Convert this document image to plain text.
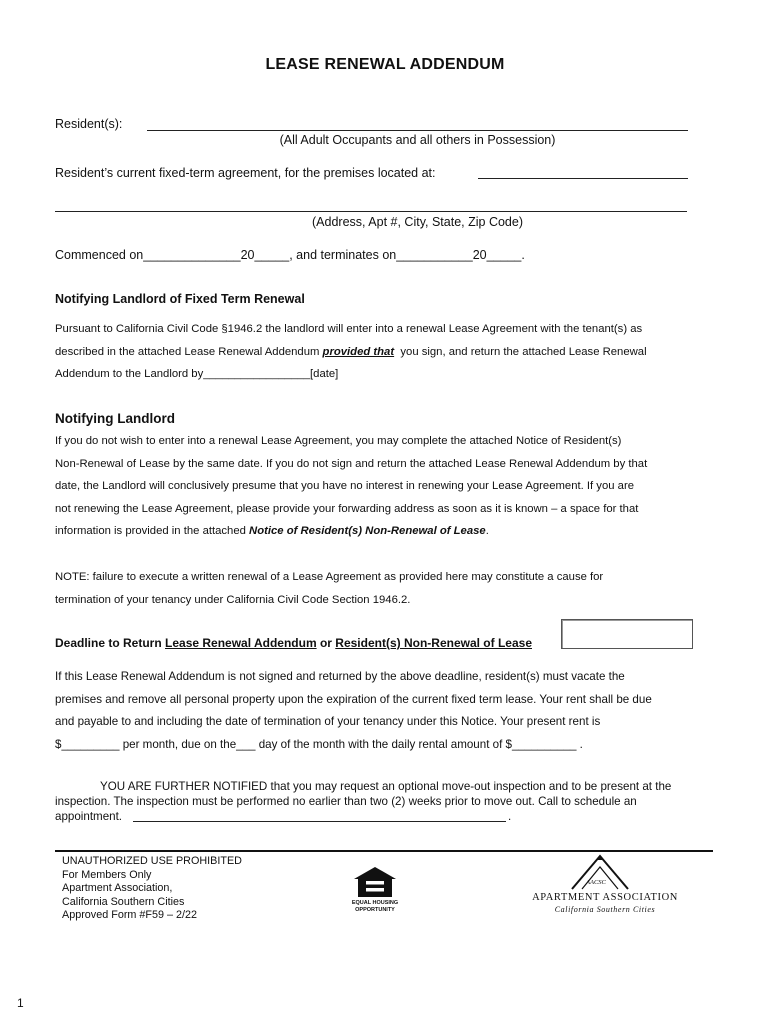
LEASE RENEWAL ADDENDUM
Resident(s):
(All Adult Occupants and all others in Possession)
Resident’s current fixed-term agreement, for the premises located at:
(Address, Apt #, City, State, Zip Code)
Commenced on______________20_____, and terminates on___________20_____.
Notifying Landlord of Fixed Term Renewal
Pursuant to California Civil Code §1946.2 the landlord will enter into a renewal Lease Agreement with the tenant(s) as
described in the attached Lease Renewal Addendum provided that  you sign, and return the attached Lease Renewal
Addendum to the Landlord by_________________[date]
Notifying Landlord
If you do not wish to enter into a renewal Lease Agreement, you may complete the attached Notice of Resident(s)
Non-Renewal of Lease by the same date. If you do not sign and return the attached Lease Renewal Addendum by that
date, the Landlord will conclusively presume that you have no interest in renewing your Lease Agreement. If you are
not renewing the Lease Agreement, please provide your forwarding address as soon as it is known – a space for that
information is provided in the attached Notice of Resident(s) Non-Renewal of Lease.
NOTE: failure to execute a written renewal of a Lease Agreement as provided here may constitute a cause for
termination of your tenancy under California Civil Code Section 1946.2.
Deadline to Return Lease Renewal Addendum or Resident(s) Non-Renewal of Lease
If this Lease Renewal Addendum is not signed and returned by the above deadline, resident(s) must vacate the
premises and remove all personal property upon the expiration of the current fixed term lease. Your rent shall be due
and payable to and including the date of termination of your tenancy under this Notice. Your present rent is
$_________ per month, due on the___ day of the month with the daily rental amount of $__________ .
YOU ARE FURTHER NOTIFIED that you may request an optional move-out inspection and to be present at the
inspection. The inspection must be performed no earlier than two (2) weeks prior to move out. Call to schedule an
appointment.	.
UNAUTHORIZED USE PROHIBITED
For Members Only
Apartment Association,
California Southern Cities
Approved Form #F59 – 2/22
EQUAL HOUSING
OPPORTUNITY
AACSC
APARTMENT ASSOCIATION
California Southern Cities
1
